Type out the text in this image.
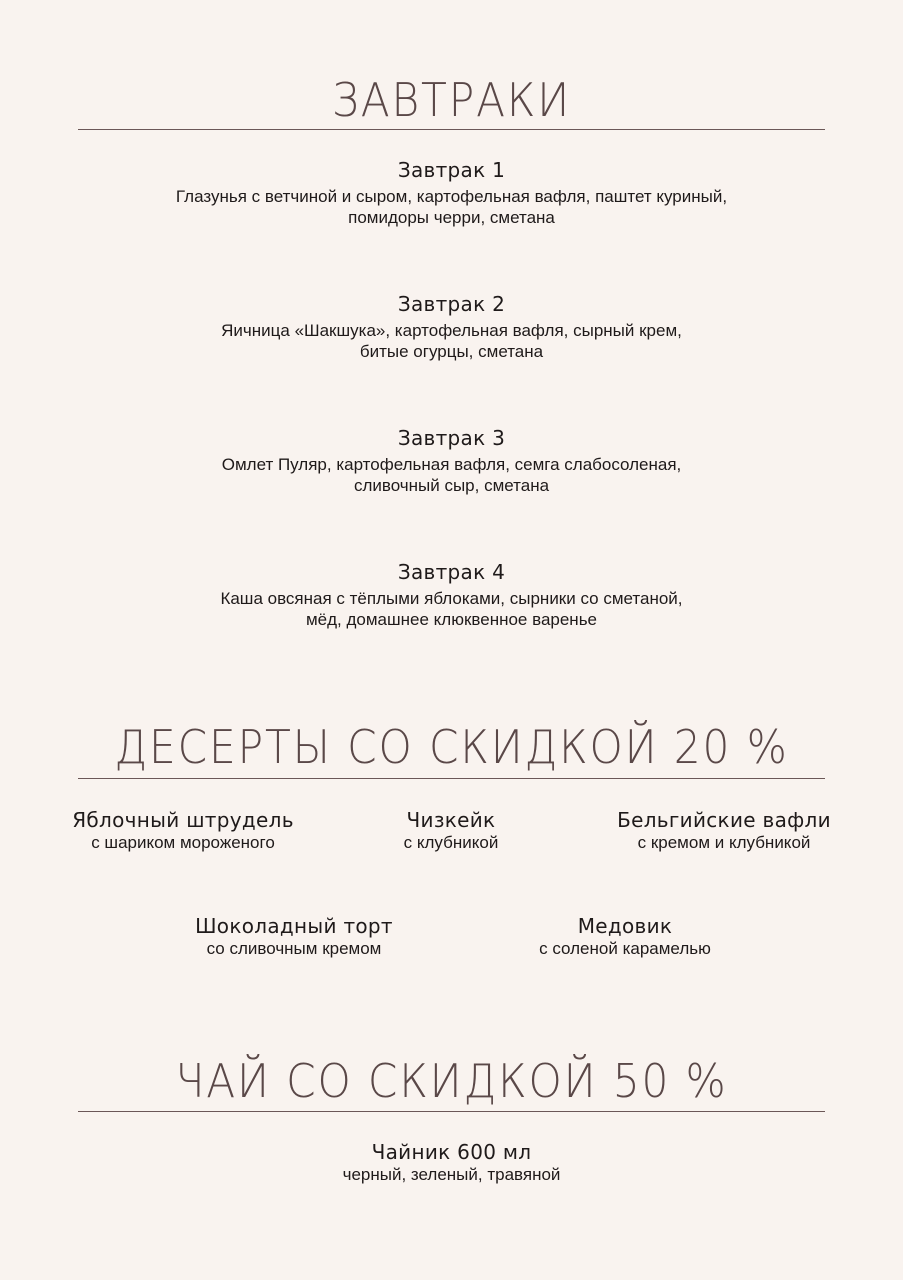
ЗАВТРАКИ

Завтрак 1

Глазунья с ветчиной и сыром, картофельная вафля, паштет куриный,

помидоры черри, сметана

Завтрак 2

Яичница «Шакшука», картофельная вафля, сырный крем,

битые огурцы, сметана

Завтрак 3

Омлет Пуляр, картофельная вафля, семга слабосоленая,

сливочный сыр, сметана

Завтрак 4

Каша овсяная с тёплыми яблоками, сырники со сметаной,

мёд, домашнее клюквенное варенье

ДЕСЕРТЫ СО СКИДКОЙ 20 %

Яблочный штрудель

с шариком мороженого

Чизкейк

с клубникой

Бельгийские вафли

с кремом и клубникой

Шоколадный торт

со сливочным кремом

Медовик

с соленой карамелью

ЧАЙ СО СКИДКОЙ 50 %

Чайник 600 мл

черный, зеленый, травяной
